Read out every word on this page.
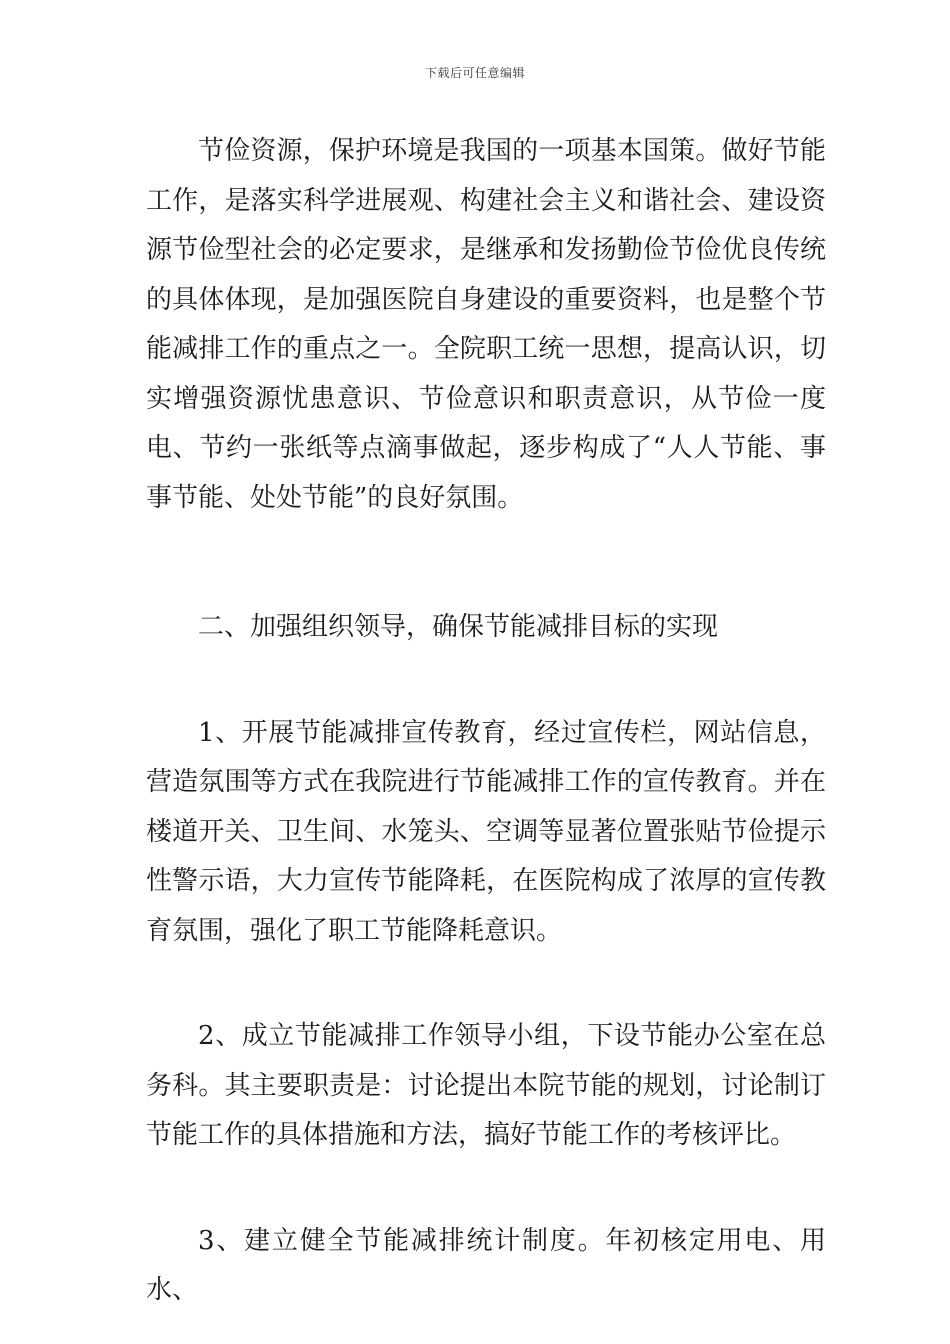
下载后可任意编辑

节俭资源，保护环境是我国的一项基本国策。做好节能工作，是落实科学进展观、构建社会主义和谐社会、建设资源节俭型社会的必定要求，是继承和发扬勤俭节俭优良传统的具体体现，是加强医院自身建设的重要资料，也是整个节能减排工作的重点之一。全院职工统一思想，提高认识，切实增强资源忧患意识、节俭意识和职责意识，从节俭一度电、节约一张纸等点滴事做起，逐步构成了“人人节能、事事节能、处处节能”的良好氛围。

二、加强组织领导，确保节能减排目标的实现

1、开展节能减排宣传教育，经过宣传栏，网站信息，营造氛围等方式在我院进行节能减排工作的宣传教育。并在楼道开关、卫生间、水笼头、空调等显著位置张贴节俭提示性警示语，大力宣传节能降耗，在医院构成了浓厚的宣传教育氛围，强化了职工节能降耗意识。

2、成立节能减排工作领导小组，下设节能办公室在总务科。其主要职责是：讨论提出本院节能的规划，讨论制订节能工作的具体措施和方法，搞好节能工作的考核评比。

3、建立健全节能减排统计制度。年初核定用电、用水、
